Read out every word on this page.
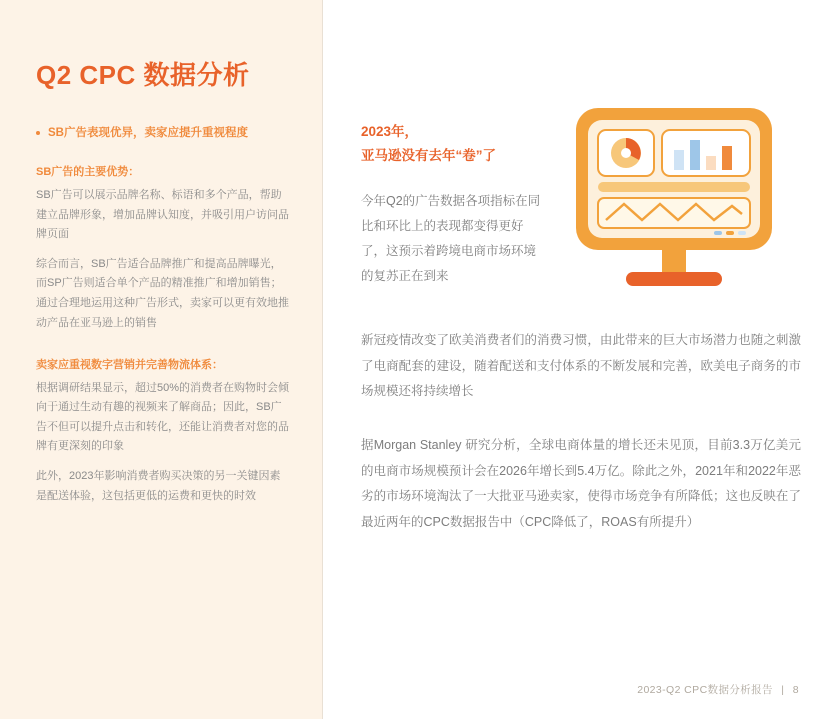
Q2 CPC 数据分析
SB广告表现优异，卖家应提升重视程度
SB广告的主要优势：
SB广告可以展示品牌名称、标语和多个产品，帮助建立品牌形象，增加品牌认知度，并吸引用户访问品牌页面
综合而言，SB广告适合品牌推广和提高品牌曝光，而SP广告则适合单个产品的精准推广和增加销售；通过合理地运用这种广告形式，卖家可以更有效地推动产品在亚马逊上的销售
卖家应重视数字营销并完善物流体系：
根据调研结果显示，超过50%的消费者在购物时会倾向于通过生动有趣的视频来了解商品；因此，SB广告不但可以提升点击和转化，还能让消费者对您的品牌有更深刻的印象
此外，2023年影响消费者购买决策的另一关键因素是配送体验，这包括更低的运费和更快的时效
2023年，
亚马逊没有去年“卷”了
今年Q2的广告数据各项指标在同比和环比上的表现都变得更好了，这预示着跨境电商市场环境的复苏正在到来
新冠疫情改变了欧美消费者们的消费习惯，由此带来的巨大市场潜力也随之刺激了电商配套的建设，随着配送和支付体系的不断发展和完善，欧美电子商务的市场规模还将持续增长
据Morgan Stanley 研究分析，全球电商体量的增长还未见顶，目前3.3万亿美元的电商市场规模预计会在2026年增长到5.4万亿。除此之外，2021年和2022年恶劣的市场环境淘汰了一大批亚马逊卖家，使得市场竞争有所降低；这也反映在了最近两年的CPC数据报告中（CPC降低了，ROAS有所提升）
2023-Q2 CPC数据分析报告 | 8
